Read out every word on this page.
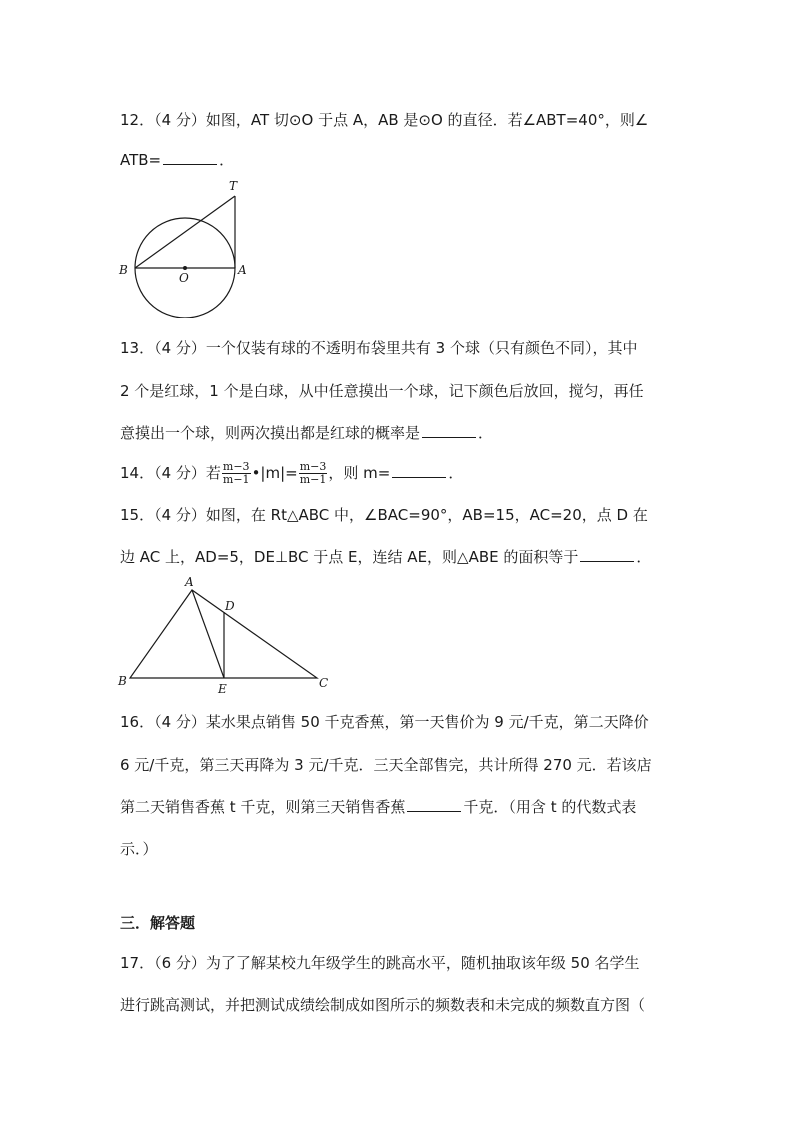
12．（4 分）如图，AT 切⊙O 于点 A，AB 是⊙O 的直径．若∠ABT=40°，则∠
ATB=	．
T
B
O
A
13．（4 分）一个仅装有球的不透明布袋里共有 3 个球（只有颜色不同），其中
2 个是红球，1 个是白球，从中任意摸出一个球，记下颜色后放回，搅匀，再任
意摸出一个球，则两次摸出都是红球的概率是	．
14．（4 分）若 $\frac{m-3}{m-1}$ •|m|= $\frac{m-3}{m-1}$ ，则 m=	．
15．（4 分）如图，在 Rt△ABC 中，∠BAC=90°，AB=15，AC=20，点 D 在
边 AC 上，AD=5，DE⊥BC 于点 E，连结 AE，则△ABE 的面积等于	．
A
D
B
E	C
16．（4 分）某水果点销售 50 千克香蕉，第一天售价为 9 元/千克，第二天降价
6 元/千克，第三天再降为 3 元/千克．三天全部售完，共计所得 270 元．若该店
第二天销售香蕉 t 千克，则第三天销售香蕉	千克．（用含 t 的代数式表
示．）
三．解答题
17．（6 分）为了了解某校九年级学生的跳高水平，随机抽取该年级 50 名学生
进行跳高测试，并把测试成绩绘制成如图所示的频数表和未完成的频数直方图（
